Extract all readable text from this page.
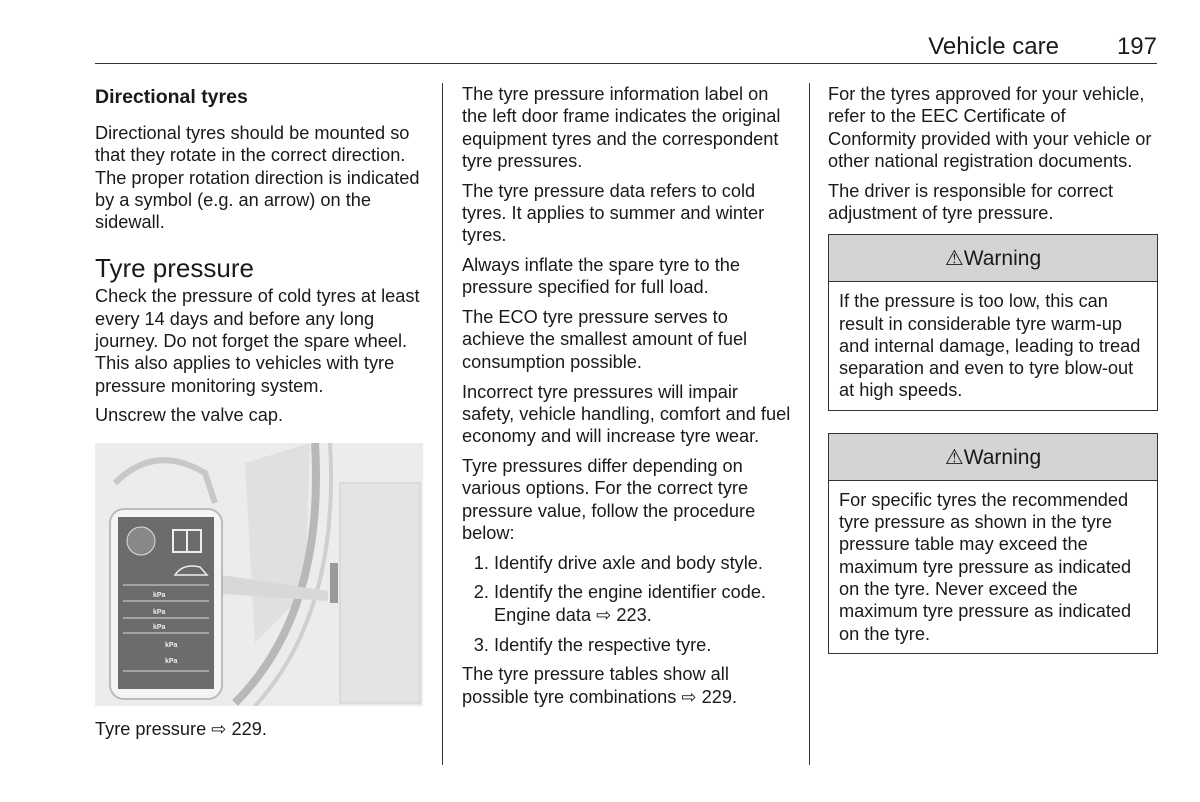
Vehicle care 197
Directional tyres

Directional tyres should be mounted so that they rotate in the correct direction. The proper rotation direction is indicated by a symbol (e.g. an arrow) on the sidewall.

Tyre pressure

Check the pressure of cold tyres at least every 14 days and before any long journey. Do not forget the spare wheel. This also applies to vehicles with tyre pressure monitoring system.

Unscrew the valve cap.

kPa
kPa
kPa
kPa
kPa

Tyre pressure ⇨ 229.

The tyre pressure information label on the left door frame indicates the original equipment tyres and the correspondent tyre pressures.

The tyre pressure data refers to cold tyres. It applies to summer and winter tyres.

Always inflate the spare tyre to the pressure specified for full load.

The ECO tyre pressure serves to achieve the smallest amount of fuel consumption possible.

Incorrect tyre pressures will impair safety, vehicle handling, comfort and fuel economy and will increase tyre wear.

Tyre pressures differ depending on various options. For the correct tyre pressure value, follow the procedure below:

1. Identify drive axle and body style.
2. Identify the engine identifier code. Engine data ⇨ 223.
3. Identify the respective tyre.

The tyre pressure tables show all possible tyre combinations ⇨ 229.

For the tyres approved for your vehicle, refer to the EEC Certificate of Conformity provided with your vehicle or other national registration documents.

The driver is responsible for correct adjustment of tyre pressure.

⚠Warning
If the pressure is too low, this can result in considerable tyre warm-up and internal damage, leading to tread separation and even to tyre blow-out at high speeds.
⚠Warning
For specific tyres the recommended tyre pressure as shown in the tyre pressure table may exceed the maximum tyre pressure as indicated on the tyre. Never exceed the maximum tyre pressure as indicated on the tyre.
